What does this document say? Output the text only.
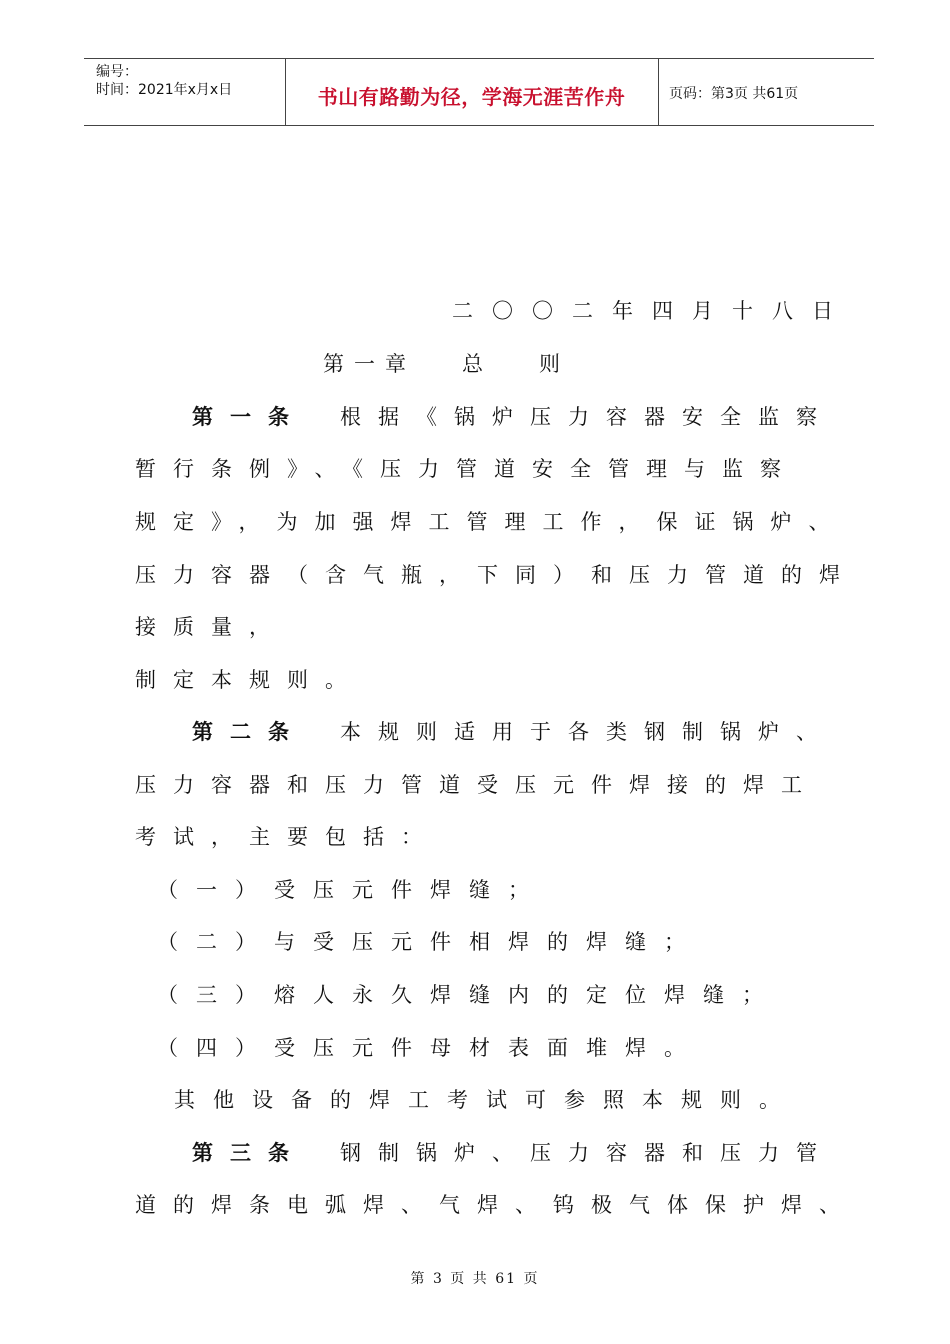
编号：
时间：2021年x月x日	书山有路勤为径，学海无涯苦作舟	页码：第3页 共61页
二〇〇二年四月十八日
第一章 总 则
第一条 根据《锅炉压力容器安全监察
暂行条例》、《压力管道安全管理与监察
规定》，为加强焊工管理工作，保证锅炉、
压力容器（含气瓶，下同）和压力管道的焊
接质量，
制定本规则。
第二条 本规则适用于各类钢制锅炉、
压力容器和压力管道受压元件焊接的焊工
考试，主要包括：
（一）受压元件焊缝；
（二）与受压元件相焊的焊缝；
（三）熔人永久焊缝内的定位焊缝；
（四）受压元件母材表面堆焊。
其他设备的焊工考试可参照本规则。
第三条 钢制锅炉、压力容器和压力管
道的焊条电弧焊、气焊、钨极气体保护焊、
第 3 页 共 61 页
